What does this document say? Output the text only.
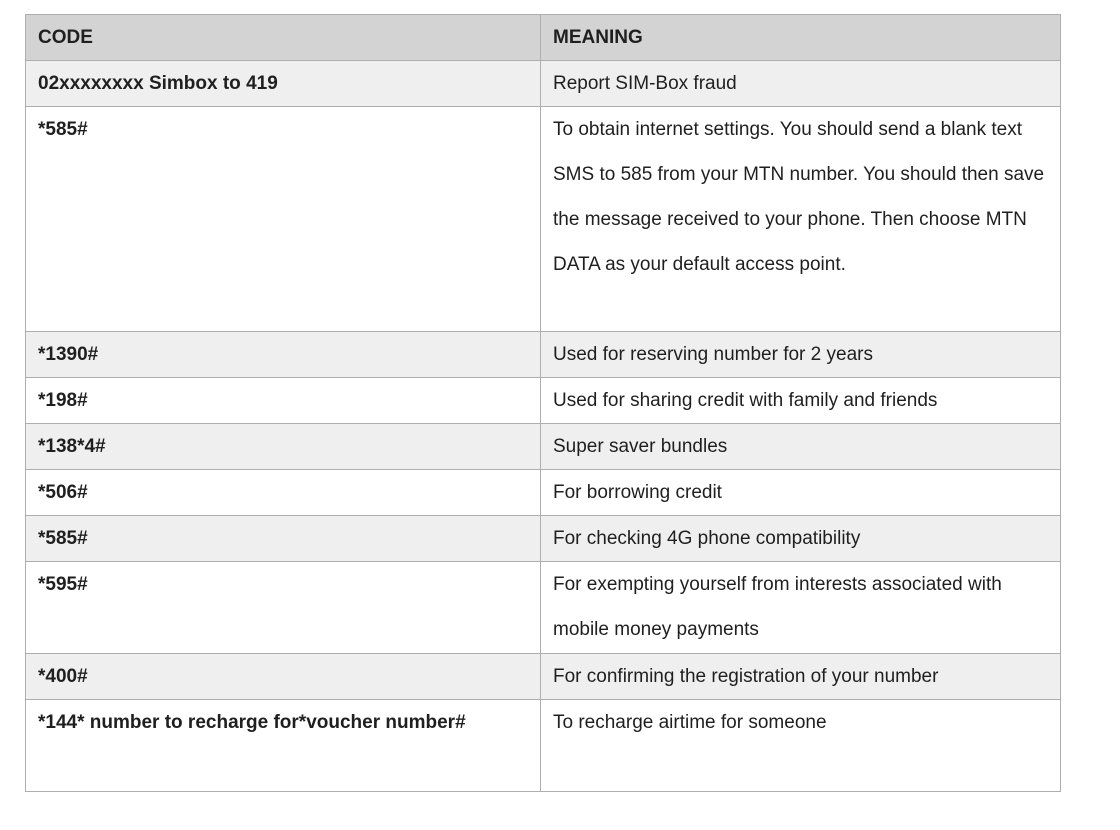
CODE	MEANING
02xxxxxxxx Simbox to 419	Report SIM-Box fraud
*585#	To obtain internet settings. You should send a blank text SMS to 585 from your MTN number. You should then save the message received to your phone. Then choose MTN DATA as your default access point.
*1390#	Used for reserving number for 2 years
*198#	Used for sharing credit with family and friends
*138*4#	Super saver bundles
*506#	For borrowing credit
*585#	For checking 4G phone compatibility
*595#	For exempting yourself from interests associated with mobile money payments
*400#	For confirming the registration of your number
*144* number to recharge for*voucher number#	To recharge airtime for someone
